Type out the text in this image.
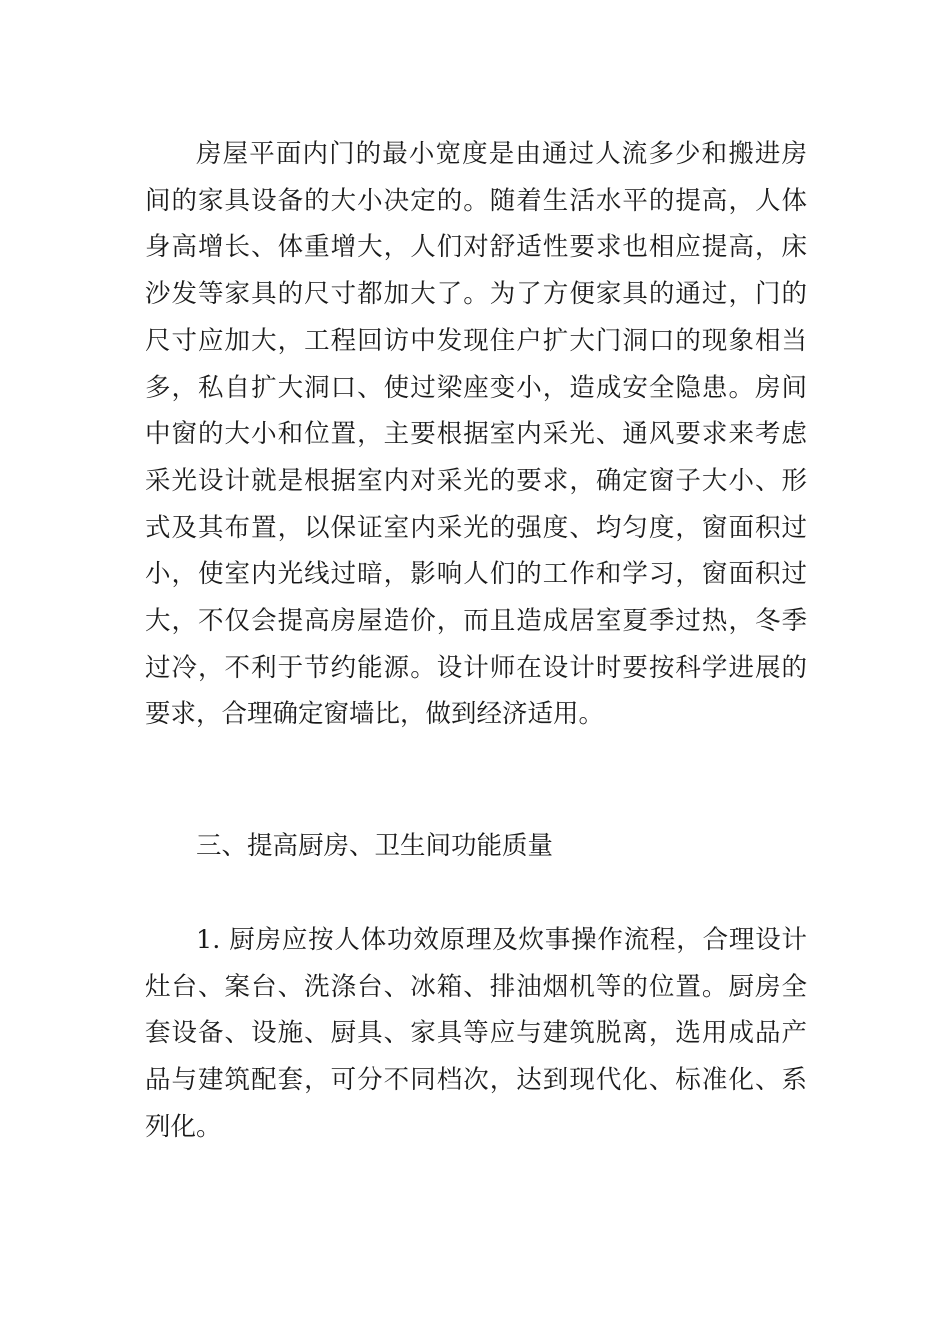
房屋平面内门的最小宽度是由通过人流多少和搬进房间的家具设备的大小决定的。随着生活水平的提高，人体身高增长、体重增大，人们对舒适性要求也相应提高，床沙发等家具的尺寸都加大了。为了方便家具的通过，门的尺寸应加大，工程回访中发现住户扩大门洞口的现象相当多，私自扩大洞口、使过梁座变小，造成安全隐患。房间中窗的大小和位置，主要根据室内采光、通风要求来考虑采光设计就是根据室内对采光的要求，确定窗子大小、形式及其布置，以保证室内采光的强度、均匀度，窗面积过小，使室内光线过暗，影响人们的工作和学习，窗面积过大，不仅会提高房屋造价，而且造成居室夏季过热，冬季过冷，不利于节约能源。设计师在设计时要按科学进展的要求，合理确定窗墙比，做到经济适用。

三、提高厨房、卫生间功能质量

1. 厨房应按人体功效原理及炊事操作流程，合理设计灶台、案台、洗涤台、冰箱、排油烟机等的位置。厨房全套设备、设施、厨具、家具等应与建筑脱离，选用成品产品与建筑配套，可分不同档次，达到现代化、标准化、系列化。
